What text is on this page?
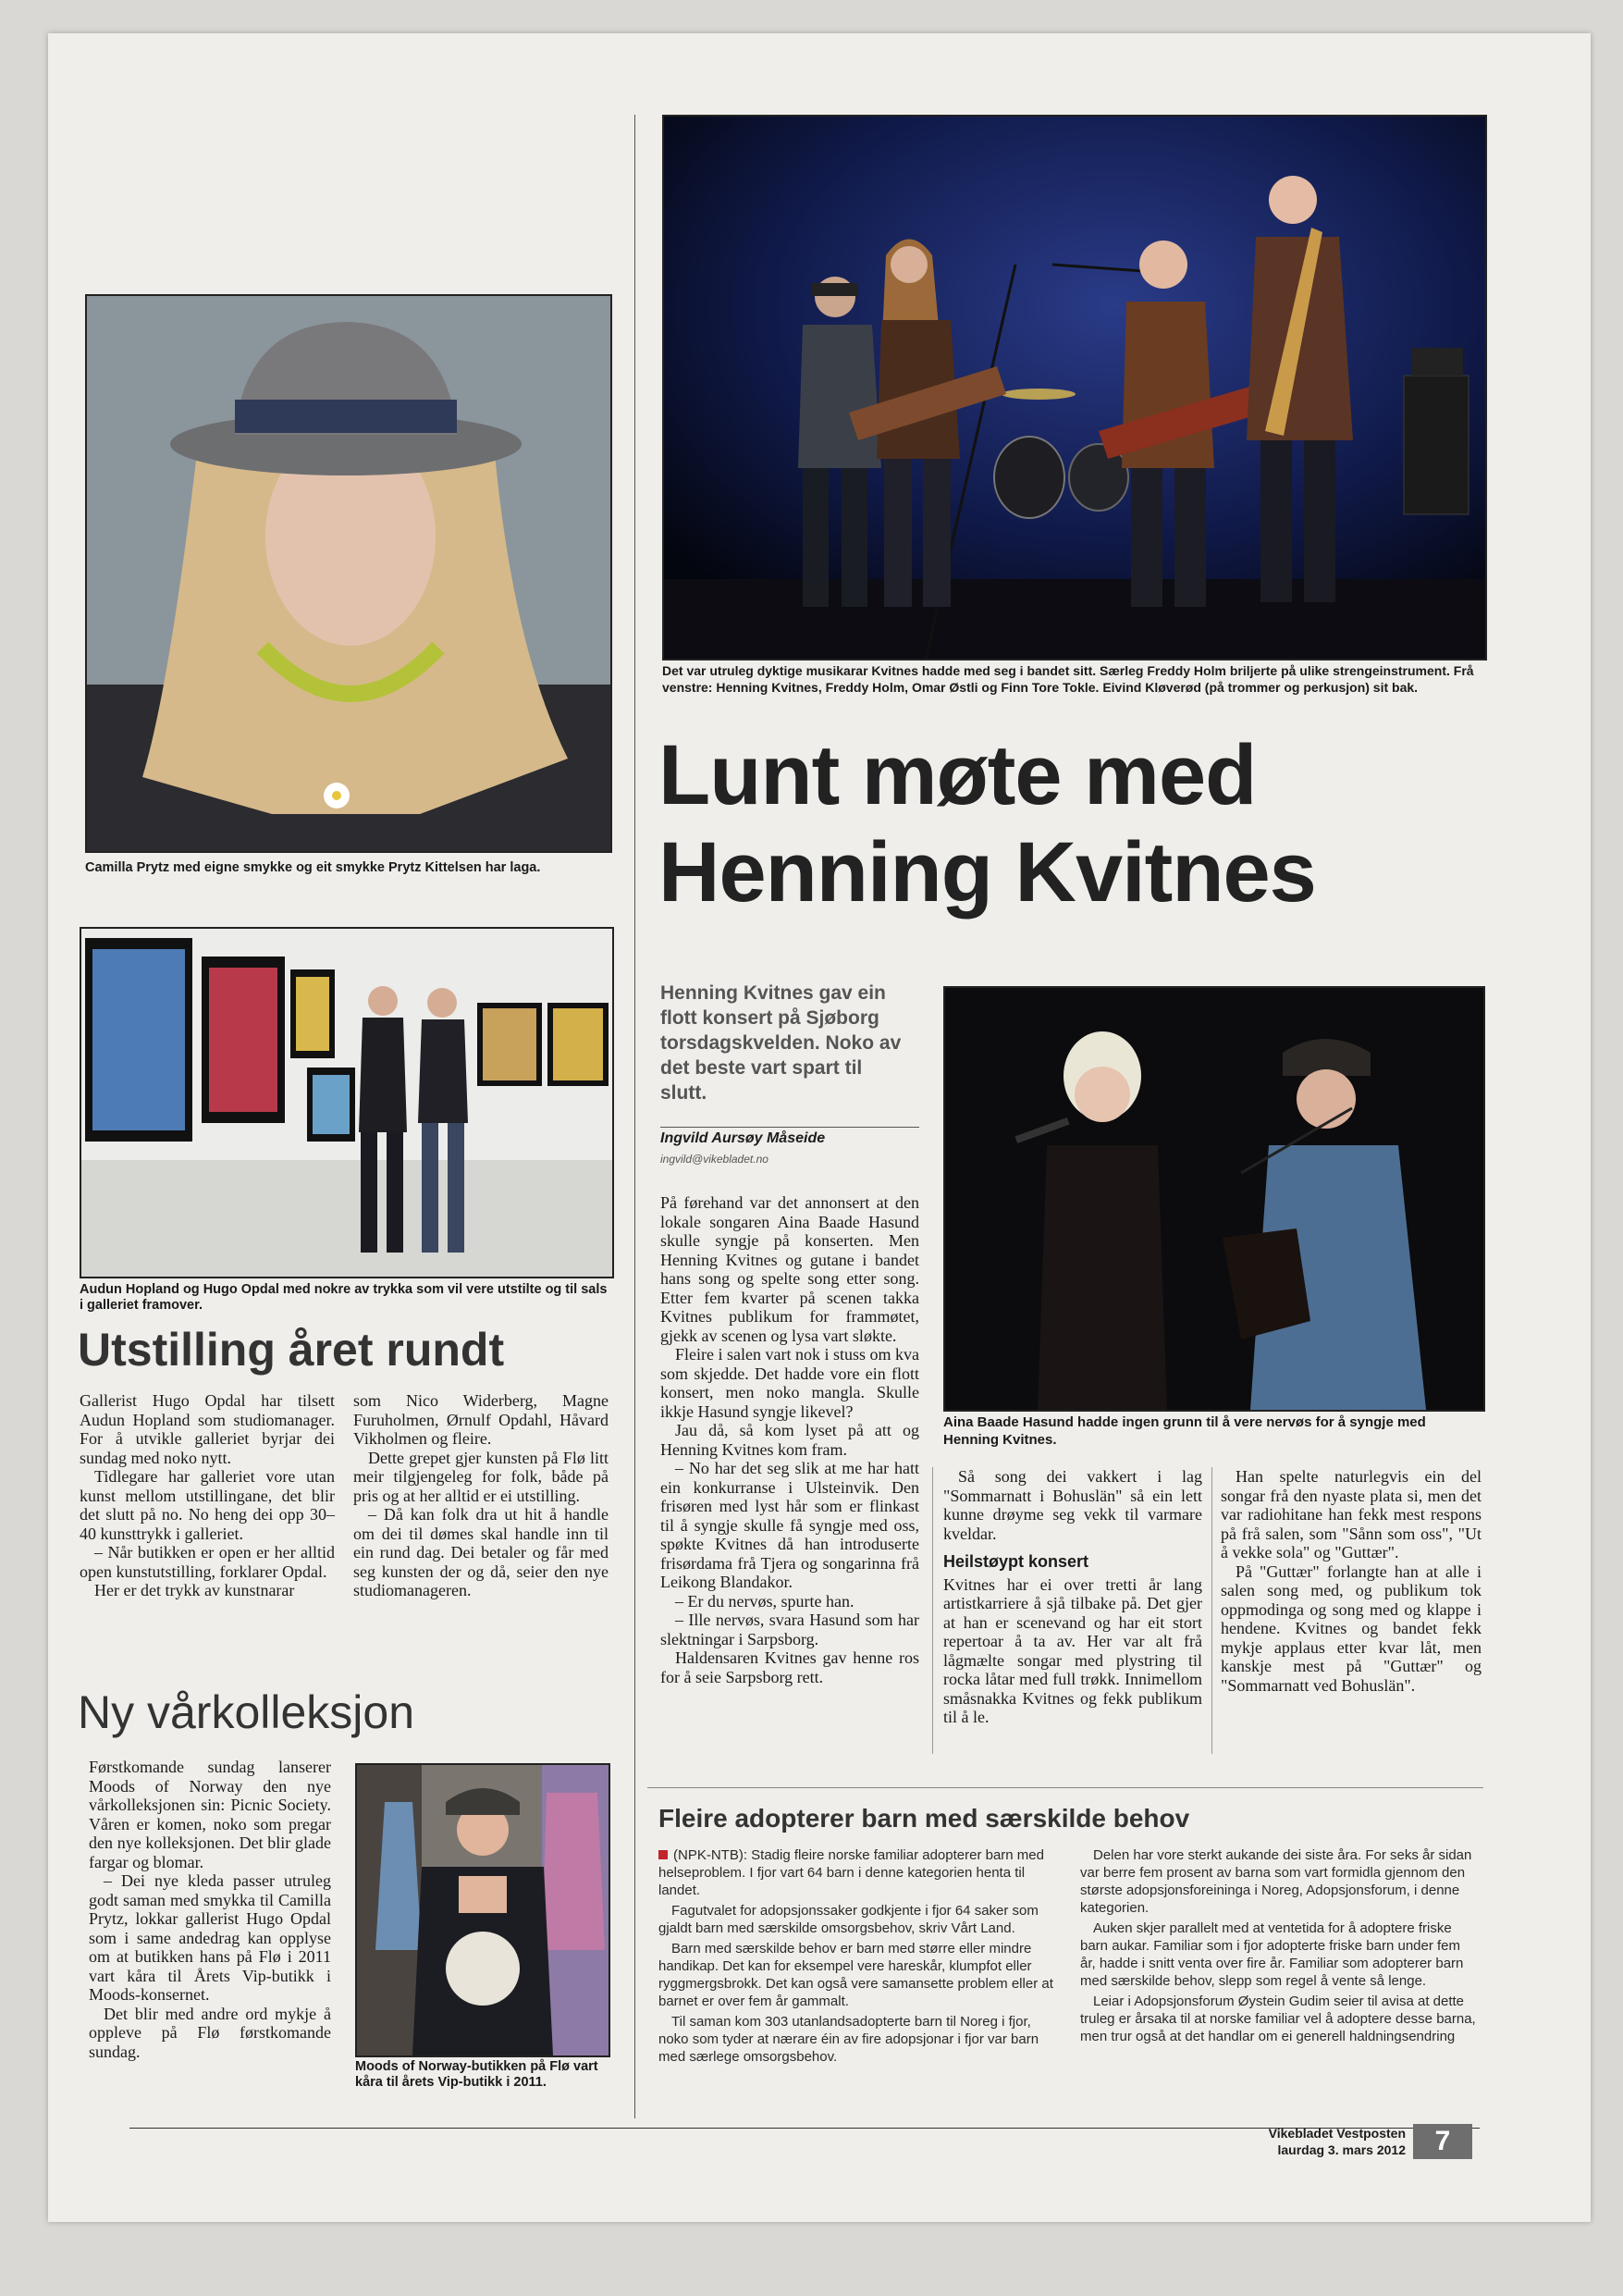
Det var utruleg dyktige musikarar Kvitnes hadde med seg i bandet sitt. Særleg Freddy Holm briljerte på ulike strengeinstrument. Frå venstre: Henning Kvitnes, Freddy Holm, Omar Østli og Finn Tore Tokle. Eivind Kløverød (på trommer og perkusjon) sit bak.
Lunt møte med
Henning Kvitnes
Henning Kvitnes gav ein flott konsert på Sjøborg torsdagskvelden. Noko av det beste vart spart til slutt.
Ingvild Aursøy Måseide
ingvild@vikebladet.no
Aina Baade Hasund hadde ingen grunn til å vere nervøs for å syngje med Henning Kvitnes.

På førehand var det annonsert at den lokale songaren Aina Baade Hasund skulle syngje på konserten. Men Henning Kvitnes og gutane i bandet hans song og spelte song etter song. Etter fem kvarter på scenen takka Kvitnes publikum for frammøtet, gjekk av scenen og lysa vart sløkte.

Fleire i salen vart nok i stuss om kva som skjedde. Det hadde vore ein flott konsert, men noko mangla. Skulle ikkje Hasund syngje likevel?

Jau då, så kom lyset på att og Henning Kvitnes kom fram.

– No har det seg slik at me har hatt ein konkurranse i Ulsteinvik. Den frisøren med lyst hår som er flinkast til å syngje skulle få syngje med oss, spøkte Kvitnes då han introduserte frisørdama frå Tjera og songarinna frå Leikong Blandakor.

– Er du nervøs, spurte han.

– Ille nervøs, svara Hasund som har slektningar i Sarpsborg.

Haldensaren Kvitnes gav henne ros for å seie Sarpsborg rett.

Så song dei vakkert i lag "Sommarnatt i Bohuslän" så ein lett kunne drøyme seg vekk til varmare kveldar.

Heilstøypt konsert

Kvitnes har ei over tretti år lang artistkarriere å sjå tilbake på. Det gjer at han er scenevand og har eit stort repertoar å ta av. Her var alt frå lågmælte songar med plystring til rocka låtar med full trøkk. Innimellom småsnakka Kvitnes og fekk publikum til å le.

Han spelte naturlegvis ein del songar frå den nyaste plata si, men det var radiohitane han fekk mest respons på frå salen, som "Sånn som oss", "Ut å vekke sola" og "Guttær".

På "Guttær" forlangte han at alle i salen song med, og publikum tok oppmodinga og song med og klappe i hendene. Kvitnes og bandet fekk mykje applaus etter kvar låt, men kanskje mest på "Guttær" og "Sommarnatt ved Bohuslän".

Camilla Prytz med eigne smykke og eit smykke Prytz Kittelsen har laga.
Audun Hopland og Hugo Opdal med nokre av trykka som vil vere utstilte og til sals i galleriet framover.
Utstilling året rundt

Gallerist Hugo Opdal har tilsett Audun Hopland som studiomanager. For å utvikle galleriet byrjar dei sundag med noko nytt.

Tidlegare har galleriet vore utan kunst mellom utstillingane, det blir det slutt på no. No heng dei opp 30–40 kunsttrykk i galleriet.

– Når butikken er open er her alltid open kunstutstilling, forklarer Opdal.

Her er det trykk av kunstnarar

som Nico Widerberg, Magne Furuholmen, Ørnulf Opdahl, Håvard Vikholmen og fleire.

Dette grepet gjer kunsten på Flø litt meir tilgjengeleg for folk, både på pris og at her alltid er ei utstilling.

– Då kan folk dra ut hit å handle om dei til dømes skal handle inn til ein rund dag. Dei betaler og får med seg kunsten der og då, seier den nye studiomanageren.

Ny vårkolleksjon

Førstkomande sundag lanserer Moods of Norway den nye vårkolleksjonen sin: Picnic Society. Våren er komen, noko som pregar den nye kolleksjonen. Det blir glade fargar og blomar.

– Dei nye kleda passer utruleg godt saman med smykka til Camilla Prytz, lokkar gallerist Hugo Opdal som i same andedrag kan opplyse om at butikken hans på Flø i 2011 vart kåra til Årets Vip-butikk i Moods-konsernet.

Det blir med andre ord mykje å oppleve på Flø førstkomande sundag.

Moods of Norway-butikken på Flø vart kåra til årets Vip-butikk i 2011.
Fleire adopterer barn med særskilde behov

(NPK-NTB): Stadig fleire norske familiar adopterer barn med helseproblem. I fjor vart 64 barn i denne kategorien henta til landet.

Fagutvalet for adopsjonssaker godkjente i fjor 64 saker som gjaldt barn med særskilde omsorgsbehov, skriv Vårt Land.

Barn med særskilde behov er barn med større eller mindre handikap. Det kan for eksempel vere hareskår, klumpfot eller ryggmergsbrokk. Det kan også vere samansette problem eller at barnet er over fem år gammalt.

Til saman kom 303 utanlandsadopterte barn til Noreg i fjor, noko som tyder at nærare éin av fire adopsjonar i fjor var barn med særlege omsorgsbehov.

Delen har vore sterkt aukande dei siste åra. For seks år sidan var berre fem prosent av barna som vart formidla gjennom den største adopsjonsforeininga i Noreg, Adopsjonsforum, i denne kategorien.

Auken skjer parallelt med at ventetida for å adoptere friske barn aukar. Familiar som i fjor adopterte friske barn under fem år, hadde i snitt venta over fire år. Familiar som adopterer barn med særskilde behov, slepp som regel å vente så lenge.

Leiar i Adopsjonsforum Øystein Gudim seier til avisa at dette truleg er årsaka til at norske familiar vel å adoptere desse barna, men trur også at det handlar om ei generell haldningsendring

Vikebladet Vestposten
laurdag 3. mars 2012	7
